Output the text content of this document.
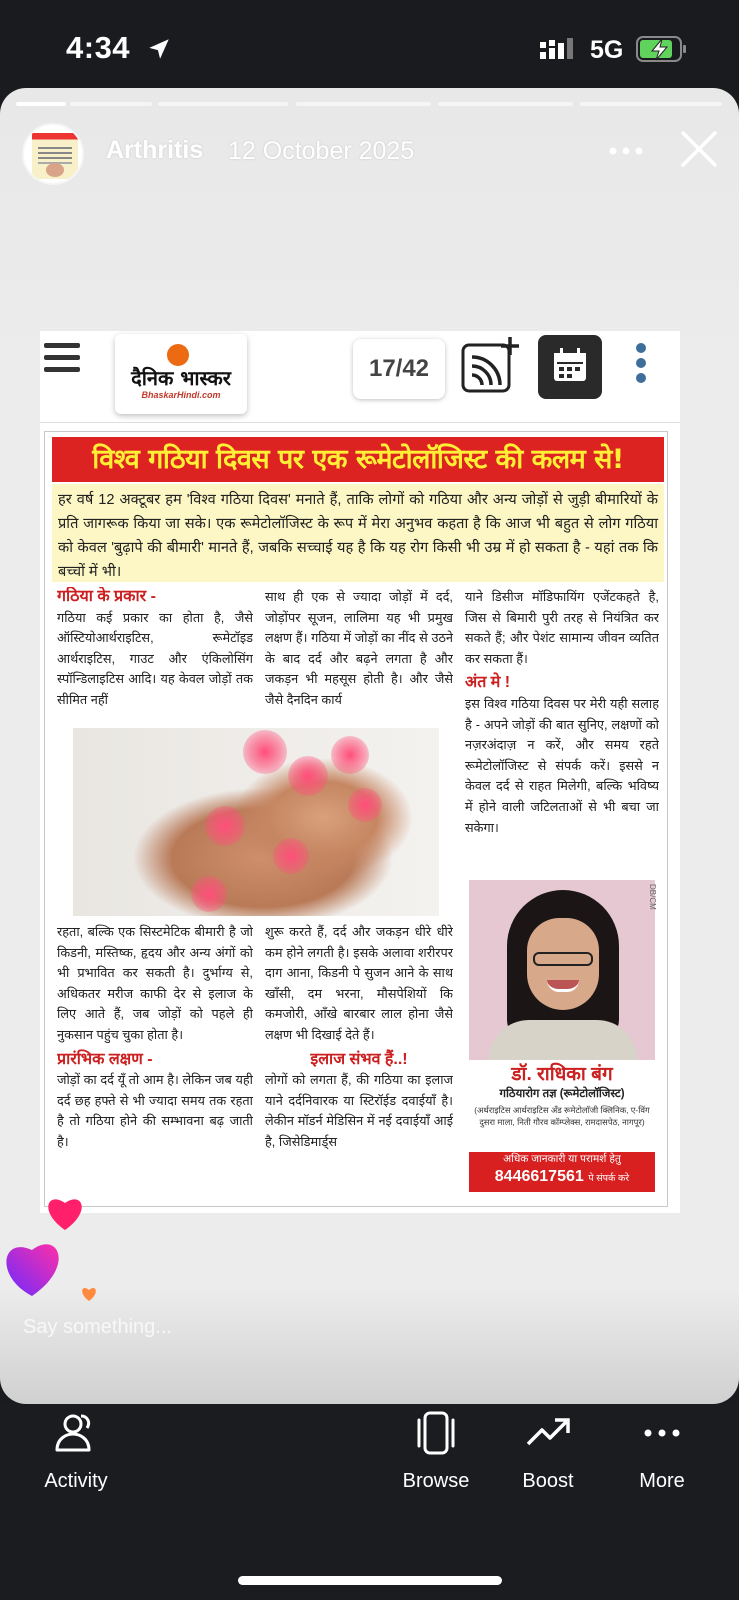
4:34	5G
Arthritis 12 October 2025
दैनिक भास्कर
BhaskarHindi.com
17/42
विश्व गठिया दिवस पर एक रूमेटोलॉजिस्ट की कलम से!
हर वर्ष 12 अक्टूबर हम 'विश्व गठिया दिवस' मनाते हैं, ताकि लोगों को गठिया और अन्य जोड़ों से जुड़ी बीमारियों के प्रति जागरूक किया जा सके। एक रूमेटोलॉजिस्ट के रूप में मेरा अनुभव कहता है कि आज भी बहुत से लोग गठिया को केवल 'बुढ़ापे की बीमारी' मानते हैं, जबकि सच्चाई यह है कि यह रोग किसी भी उम्र में हो सकता है - यहां तक कि बच्चों में भी।
गठिया के प्रकार -
गठिया कई प्रकार का होता है, जैसे ऑस्टियोआर्थराइटिस, रूमेटॉइड आर्थराइटिस, गाउट और एंकिलोसिंग स्पॉन्डिलाइटिस आदि। यह केवल जोड़ों तक सीमित नहीं
साथ ही एक से ज्यादा जोड़ों में दर्द, जोड़ोंपर सूजन, लालिमा यह भी प्रमुख लक्षण हैं। गठिया में जोड़ों का नींद से उठने के बाद दर्द और बढ़ने लगता है और जकड़न भी महसूस होती है। और जैसे जैसे दैनदिन कार्य
याने डिसीज मॉडिफायिंग एजेंटकहते है, जिस से बिमारी पुरी तरह से नियंत्रित कर सकते हैं; और पेशंट सामान्य जीवन व्यतित कर सकता हैं।
अंत मे !
इस विश्व गठिया दिवस पर मेरी यही सलाह है - अपने जोड़ों की बात सुनिए, लक्षणों को नज़रअंदाज़ न करें, और समय रहते रूमेटोलॉजिस्ट से संपर्क करें। इससे न केवल दर्द से राहत मिलेगी, बल्कि भविष्य में होने वाली जटिलताओं से भी बचा जा सकेगा।
रहता, बल्कि एक सिस्टमेटिक बीमारी है जो किडनी, मस्तिष्क, हृदय और अन्य अंगों को भी प्रभावित कर सकती है। दुर्भाग्य से, अधिकतर मरीज काफी देर से इलाज के लिए आते हैं, जब जोड़ों को पहले ही नुकसान पहुंच चुका होता है।
प्रारंभिक लक्षण -
जोड़ों का दर्द यूँ तो आम है। लेकिन जब यही दर्द छह हफ्ते से भी ज्यादा समय तक रहता है तो गठिया होने की सम्भावना बढ़ जाती है।
शुरू करते हैं, दर्द और जकड़न धीरे धीरे कम होने लगती है। इसके अलावा शरीरपर दाग आना, किडनी पे सुजन आने के साथ खाँसी, दम भरना, मौसपेशियों कि कमजोरी, आँखे बारबार लाल होना जैसे लक्षण भी दिखाई देते हैं।
इलाज संभव हैं..!
लोगों को लगता हैं, की गठिया का इलाज याने दर्दनिवारक या स्टिरॉईड दवाईयाँ है। लेकीन मॉडर्न मेडिसिन में नई दवाईयाँ आई है, जिसेडिमार्ड्स
डॉ. राधिका बंग
गठियारोग तज्ञ (रूमेटोलॉजिस्ट)
(अर्थराइटिस आर्थराइटिस अँड रूमेटोलॉजी क्लिनिक, ए-विंग दुसरा माला, निती गौरव कॉम्प्लेक्स, रामदासपेठ, नागपूर)
अधिक जानकारी या परामर्श हेतु
8446617561 पे संपर्क करे
DB/CM
Say something...
Activity	Browse	Boost	More
